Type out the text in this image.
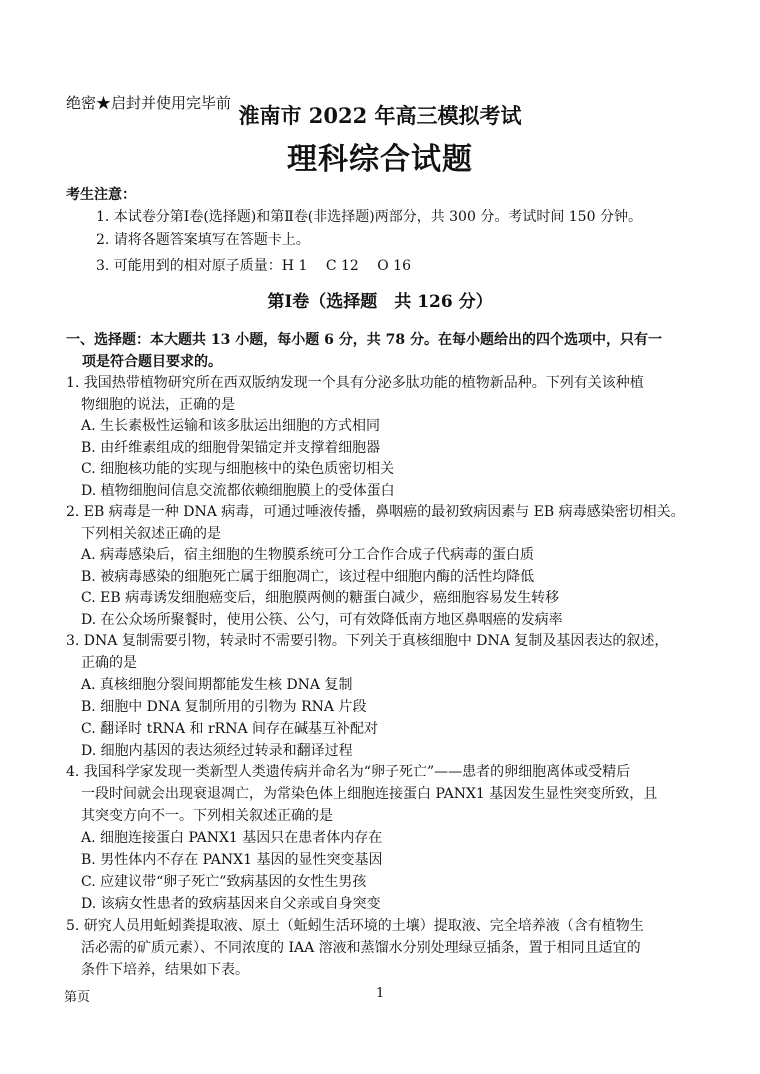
绝密★启封并使用完毕前 淮南市 2022 年高三模拟考试
理科综合试题
考生注意：
1. 本试卷分第Ⅰ卷(选择题)和第Ⅱ卷(非选择题)两部分，共 300 分。考试时间 150 分钟。
2. 请将各题答案填写在答题卡上。
3. 可能用到的相对原子质量：H 1　 C 12　 O 16
第Ⅰ卷（选择题　共 126 分）
一、选择题：本大题共 13 小题，每小题 6 分，共 78 分。在每小题给出的四个选项中，只有一
项是符合题目要求的。
1. 我国热带植物研究所在西双版纳发现一个具有分泌多肽功能的植物新品种。下列有关该种植
物细胞的说法，正确的是
A. 生长素极性运输和该多肽运出细胞的方式相同
B. 由纤维素组成的细胞骨架锚定并支撑着细胞器
C. 细胞核功能的实现与细胞核中的染色质密切相关
D. 植物细胞间信息交流都依赖细胞膜上的受体蛋白
2. EB 病毒是一种 DNA 病毒，可通过唾液传播，鼻咽癌的最初致病因素与 EB 病毒感染密切相关。
下列相关叙述正确的是
A. 病毒感染后，宿主细胞的生物膜系统可分工合作合成子代病毒的蛋白质
B. 被病毒感染的细胞死亡属于细胞凋亡，该过程中细胞内酶的活性均降低
C. EB 病毒诱发细胞癌变后，细胞膜两侧的糖蛋白减少，癌细胞容易发生转移
D. 在公众场所聚餐时，使用公筷、公勺，可有效降低南方地区鼻咽癌的发病率
3. DNA 复制需要引物，转录时不需要引物。下列关于真核细胞中 DNA 复制及基因表达的叙述，
正确的是
A. 真核细胞分裂间期都能发生核 DNA 复制
B. 细胞中 DNA 复制所用的引物为 RNA 片段
C. 翻译时 tRNA 和 rRNA 间存在碱基互补配对
D. 细胞内基因的表达须经过转录和翻译过程
4. 我国科学家发现一类新型人类遗传病并命名为“卵子死亡”——患者的卵细胞离体或受精后
一段时间就会出现衰退凋亡，为常染色体上细胞连接蛋白 PANX1 基因发生显性突变所致，且
其突变方向不一。下列相关叙述正确的是
A. 细胞连接蛋白 PANX1 基因只在患者体内存在
B. 男性体内不存在 PANX1 基因的显性突变基因
C. 应建议带“卵子死亡”致病基因的女性生男孩
D. 该病女性患者的致病基因来自父亲或自身突变
5. 研究人员用蚯蚓粪提取液、原土（蚯蚓生活环境的土壤）提取液、完全培养液（含有植物生
活必需的矿质元素）、不同浓度的 IAA 溶液和蒸馏水分别处理绿豆插条，置于相同且适宜的
条件下培养，结果如下表。
第页	1
